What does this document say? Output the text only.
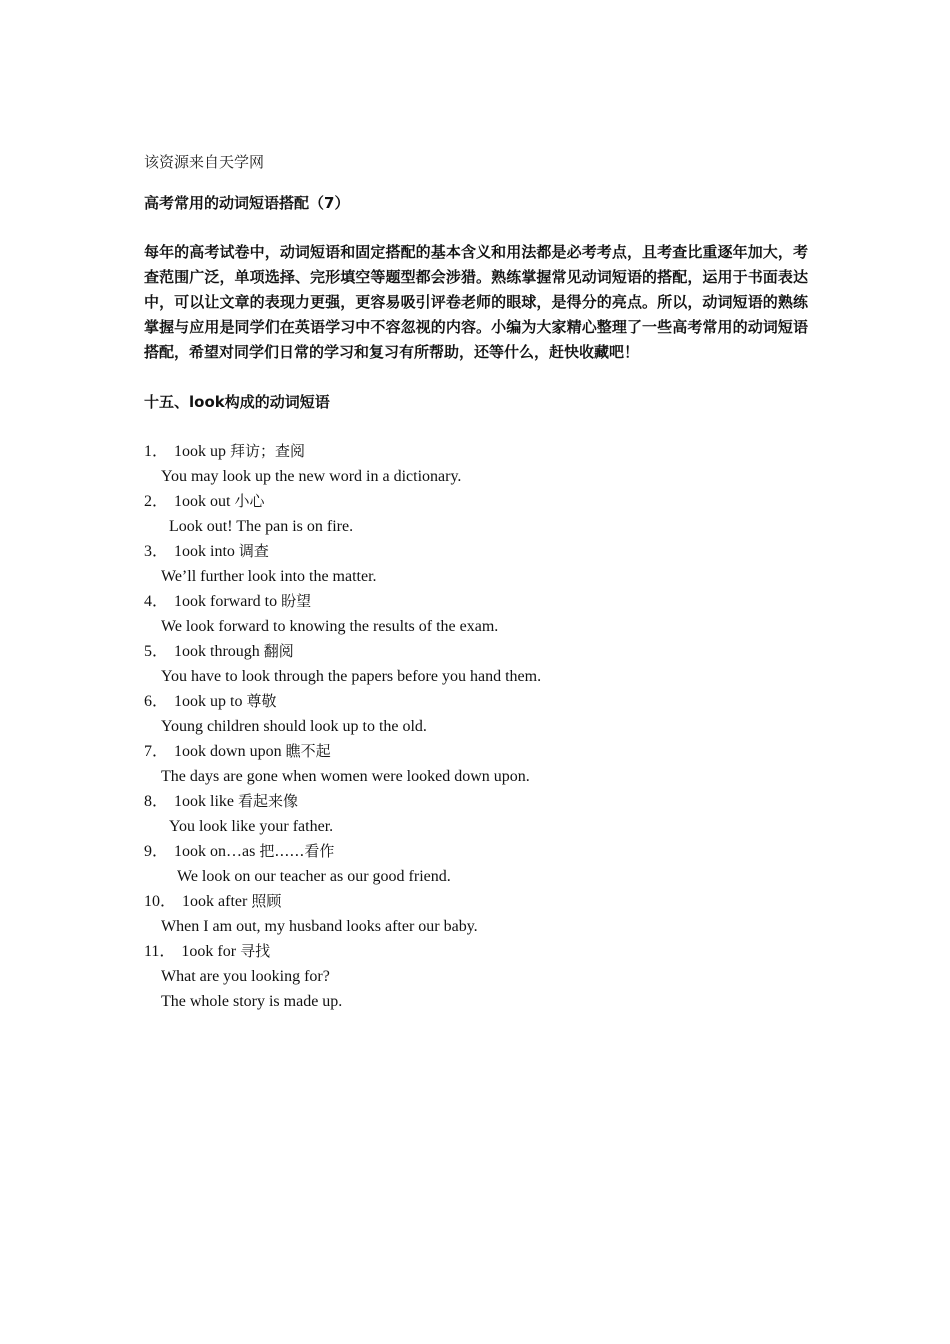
该资源来自天学网

高考常用的动词短语搭配（7）

每年的高考试卷中，动词短语和固定搭配的基本含义和用法都是必考考点，且考查比重逐年加大，考查范围广泛，单项选择、完形填空等题型都会涉猎。熟练掌握常见动词短语的搭配，运用于书面表达中，可以让文章的表现力更强，更容易吸引评卷老师的眼球，是得分的亮点。所以，动词短语的熟练掌握与应用是同学们在英语学习中不容忽视的内容。小编为大家精心整理了一些高考常用的动词短语搭配，希望对同学们日常的学习和复习有所帮助，还等什么，赶快收藏吧！

十五、look构成的动词短语

1． 1ook up 拜访；查阅
You may look up the new word in a dictionary.
2． 1ook out 小心
Look out! The pan is on fire.
3． 1ook into 调查
We’ll further look into the matter.
4． 1ook forward to 盼望
We look forward to knowing the results of the exam.
5． 1ook through 翻阅
You have to look through the papers before you hand them.
6． 1ook up to 尊敬
Young children should look up to the old.
7． 1ook down upon 瞧不起
The days are gone when women were looked down upon.
8． 1ook like 看起来像
You look like your father.
9． 1ook on…as 把……看作
We look on our teacher as our good friend.
10． 1ook after 照顾
When I am out, my husband looks after our baby.
11． 1ook for 寻找
What are you looking for?
The whole story is made up.
